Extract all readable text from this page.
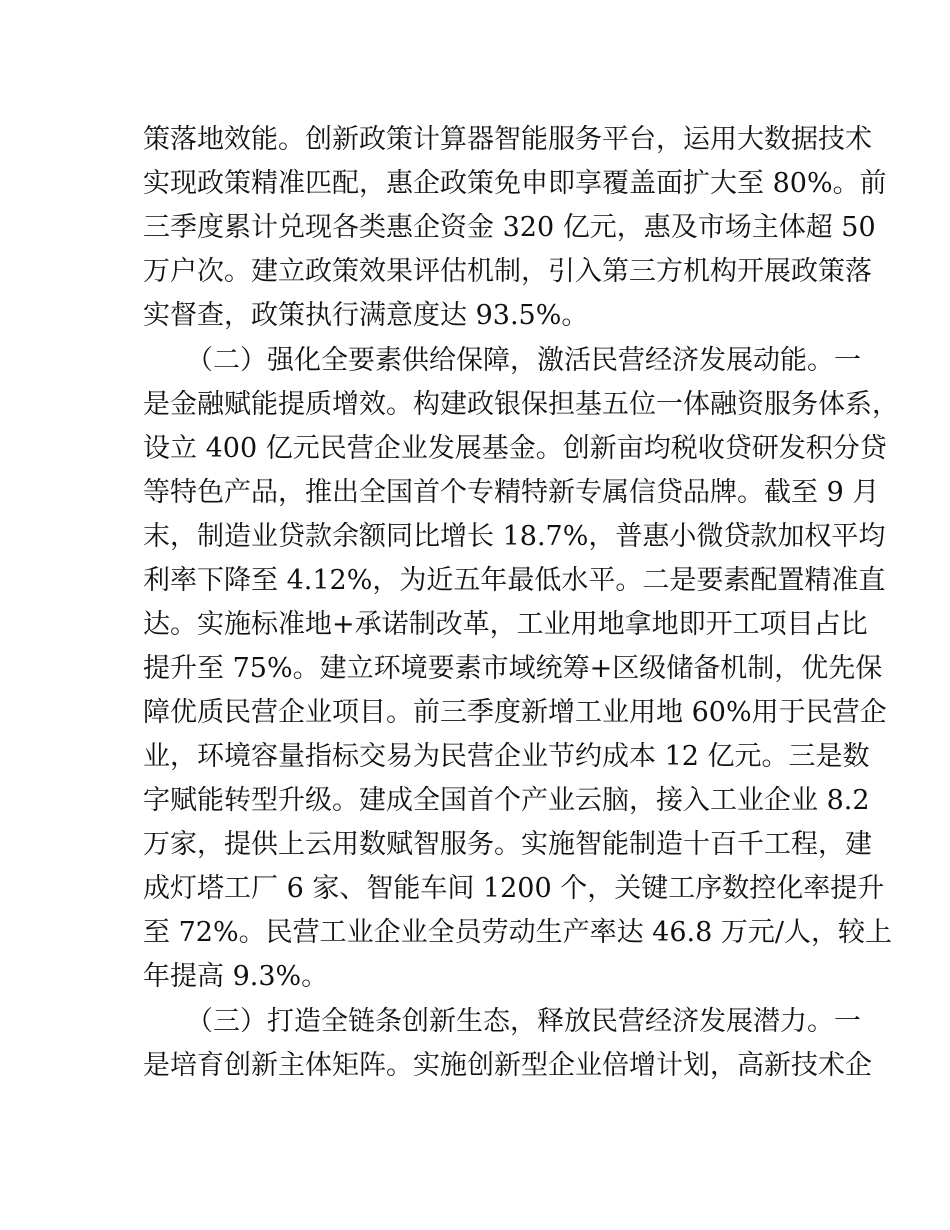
策落地效能。创新政策计算器智能服务平台，运用大数据技术
实现政策精准匹配，惠企政策免申即享覆盖面扩大至 80%。前
三季度累计兑现各类惠企资金 320 亿元，惠及市场主体超 50
万户次。建立政策效果评估机制，引入第三方机构开展政策落
实督查，政策执行满意度达 93.5%。
（二）强化全要素供给保障，激活民营经济发展动能。一
是金融赋能提质增效。构建政银保担基五位一体融资服务体系，
设立 400 亿元民营企业发展基金。创新亩均税收贷研发积分贷
等特色产品，推出全国首个专精特新专属信贷品牌。截至 9 月
末，制造业贷款余额同比增长 18.7%，普惠小微贷款加权平均
利率下降至 4.12%，为近五年最低水平。二是要素配置精准直
达。实施标准地+承诺制改革，工业用地拿地即开工项目占比
提升至 75%。建立环境要素市域统筹+区级储备机制，优先保
障优质民营企业项目。前三季度新增工业用地 60%用于民营企
业，环境容量指标交易为民营企业节约成本 12 亿元。三是数
字赋能转型升级。建成全国首个产业云脑，接入工业企业 8.2
万家，提供上云用数赋智服务。实施智能制造十百千工程，建
成灯塔工厂 6 家、智能车间 1200 个，关键工序数控化率提升
至 72%。民营工业企业全员劳动生产率达 46.8 万元/人，较上
年提高 9.3%。
（三）打造全链条创新生态，释放民营经济发展潜力。一
是培育创新主体矩阵。实施创新型企业倍增计划，高新技术企
